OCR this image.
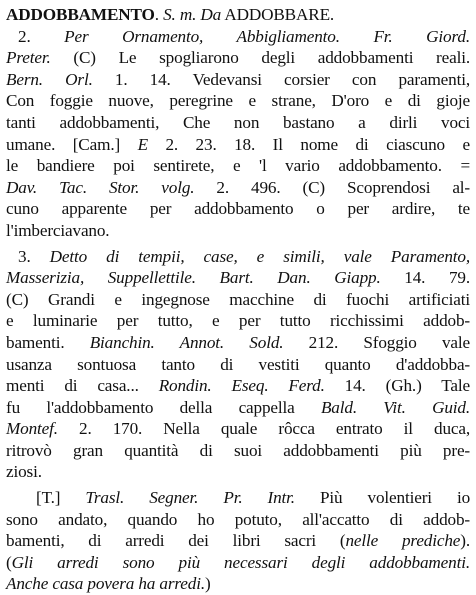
ADDOBBAMENTO. S. m. Da ADDOBBARE.
2. Per Ornamento, Abbigliamento. Fr. Giord.
Preter. (C) Le spogliarono degli addobbamenti reali.
Bern. Orl. 1. 14. Vedevansi corsier con paramenti,
Con foggie nuove, peregrine e strane, D'oro e di gioje
tanti addobbamenti, Che non bastano a dirli voci
umane. [Cam.] E 2. 23. 18. Il nome di ciascuno e
le bandiere poi sentirete, e 'l vario addobbamento. =
Dav. Tac. Stor. volg. 2. 496. (C) Scoprendosi al-
cuno apparente per addobbamento o per ardire, te
l'imberciavano.
3. Detto di tempii, case, e simili, vale Paramento,
Masserizia, Suppellettile. Bart. Dan. Giapp. 14. 79.
(C) Grandi e ingegnose macchine di fuochi artificiati
e luminarie per tutto, e per tutto ricchissimi addob-
bamenti. Bianchin. Annot. Sold. 212. Sfoggio vale
usanza sontuosa tanto di vestiti quanto d'addobba-
menti di casa... Rondin. Eseq. Ferd. 14. (Gh.) Tale
fu l'addobbamento della cappella Bald. Vit. Guid.
Montef. 2. 170. Nella quale rôcca entrato il duca,
ritrovò gran quantità di suoi addobbamenti più pre-
ziosi.
[T.] Trasl. Segner. Pr. Intr. Più volentieri io
sono andato, quando ho potuto, all'accatto di addob-
bamenti, di arredi dei libri sacri (nelle prediche).
(Gli arredi sono più necessari degli addobbamenti.
Anche casa povera ha arredi.)
